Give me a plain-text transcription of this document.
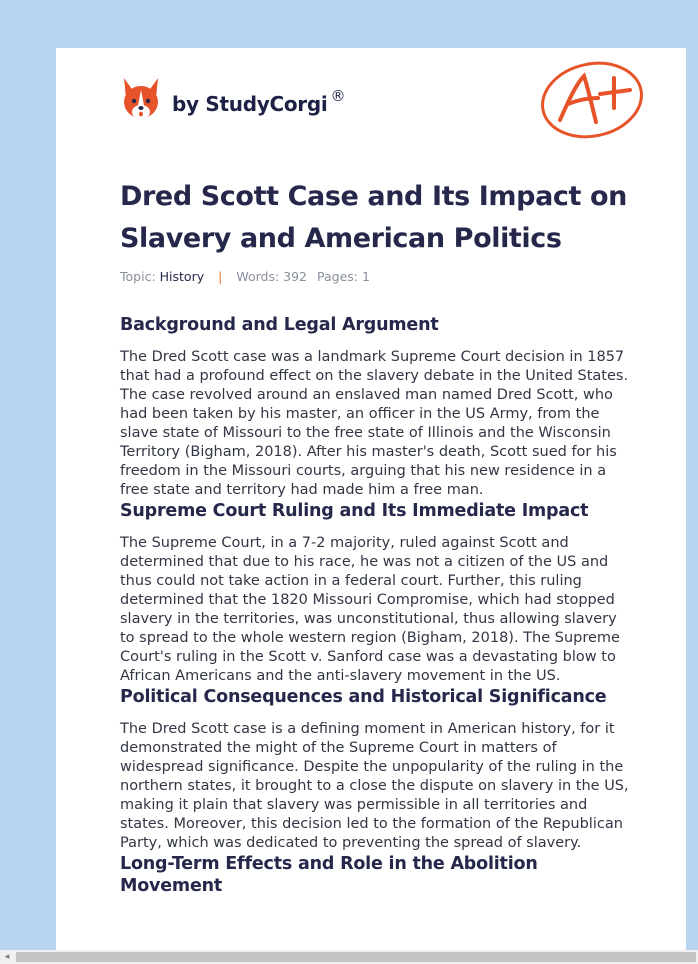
by StudyCorgi ®
Dred Scott Case and Its Impact on Slavery and American Politics
Topic: History | Words: 392 Pages: 1
Background and Legal Argument

The Dred Scott case was a landmark Supreme Court decision in 1857 that had a profound effect on the slavery debate in the United States. The case revolved around an enslaved man named Dred Scott, who had been taken by his master, an officer in the US Army, from the slave state of Missouri to the free state of Illinois and the Wisconsin Territory (Bigham, 2018). After his master's death, Scott sued for his freedom in the Missouri courts, arguing that his new residence in a free state and territory had made him a free man.

Supreme Court Ruling and Its Immediate Impact

The Supreme Court, in a 7-2 majority, ruled against Scott and determined that due to his race, he was not a citizen of the US and thus could not take action in a federal court. Further, this ruling determined that the 1820 Missouri Compromise, which had stopped slavery in the territories, was unconstitutional, thus allowing slavery to spread to the whole western region (Bigham, 2018). The Supreme Court's ruling in the Scott v. Sanford case was a devastating blow to African Americans and the anti-slavery movement in the US.

Political Consequences and Historical Significance

The Dred Scott case is a defining moment in American history, for it demonstrated the might of the Supreme Court in matters of widespread significance. Despite the unpopularity of the ruling in the northern states, it brought to a close the dispute on slavery in the US, making it plain that slavery was permissible in all territories and states. Moreover, this decision led to the formation of the Republican Party, which was dedicated to preventing the spread of slavery.

Long-Term Effects and Role in the Abolition Movement
◂
